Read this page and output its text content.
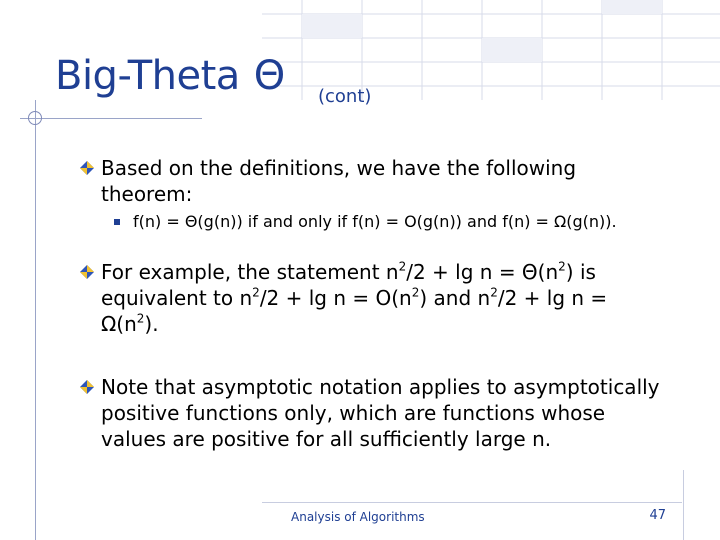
Big-Theta Θ (cont)
Based on the definitions, we have the following theorem:
f(n) = Θ(g(n)) if and only if f(n) = O(g(n)) and f(n) = Ω(g(n)).
For example, the statement $n^2/2 + \lg n = \Theta(n^2)$ is equivalent to $n^2/2 + \lg n = O(n^2)$ and $n^2/2 + \lg n = \Omega(n^2)$.
Note that asymptotic notation applies to asymptotically positive functions only, which are functions whose values are positive for all sufficiently large n.
Analysis of Algorithms	47
